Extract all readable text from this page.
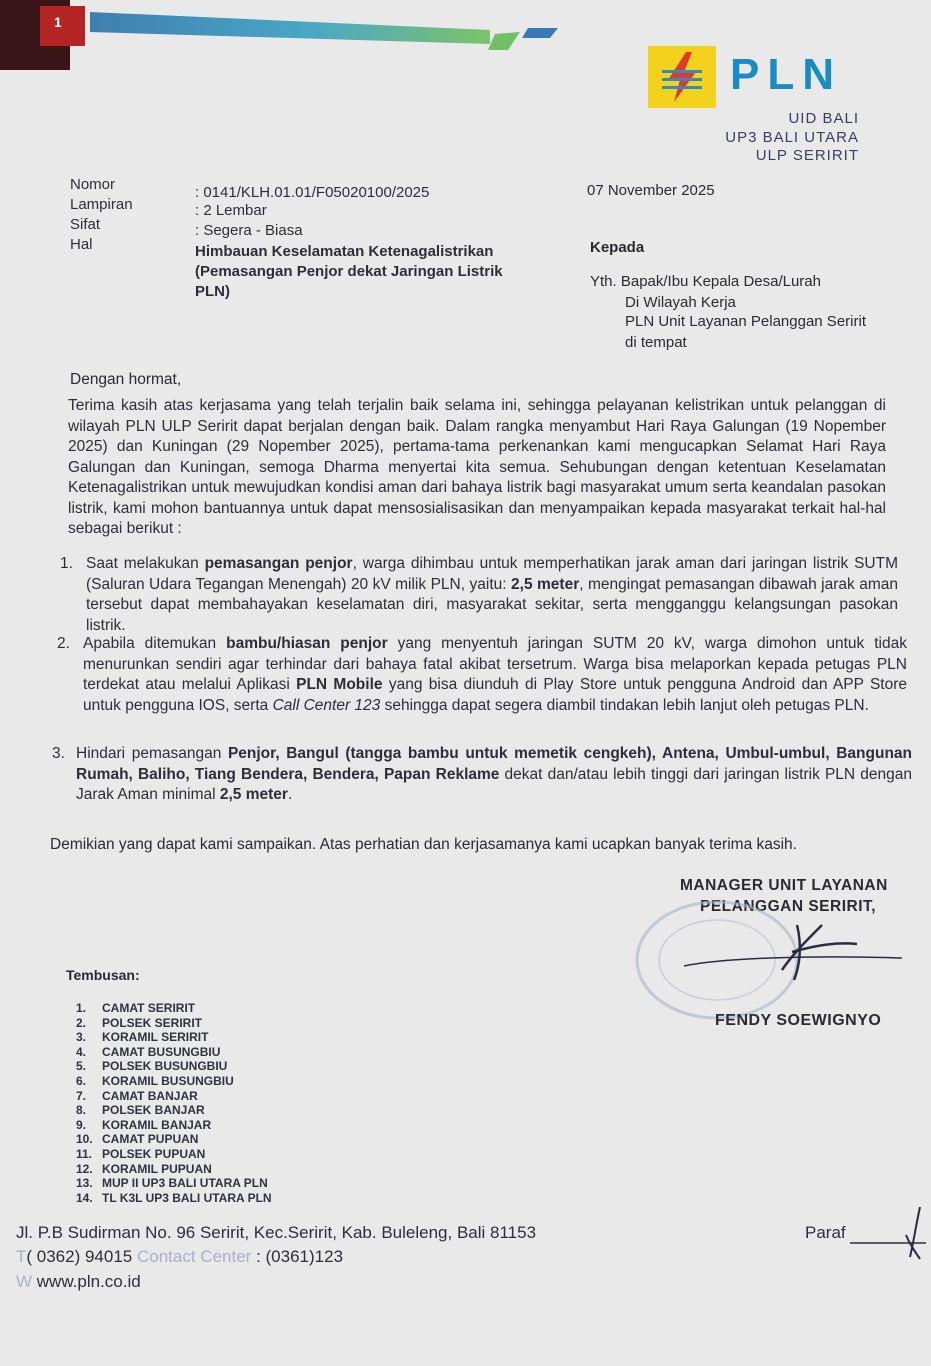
1
PLN
UID BALI
UP3 BALI UTARA
ULP SERIRIT
Nomor	: 0141/KLH.01.01/F05020100/2025
Lampiran	: 2 Lembar
Sifat	: Segera - Biasa
Hal	Himbauan Keselamatan Ketenagalistrikan
(Pemasangan Penjor dekat Jaringan Listrik
PLN)
07 November 2025
Kepada
Yth. Bapak/Ibu Kepala Desa/Lurah
Di Wilayah Kerja
PLN Unit Layanan Pelanggan Seririt
di tempat
Dengan hormat,
Terima kasih atas kerjasama yang telah terjalin baik selama ini, sehingga pelayanan kelistrikan untuk pelanggan di wilayah PLN ULP Seririt dapat berjalan dengan baik. Dalam rangka menyambut Hari Raya Galungan (19 Nopember 2025) dan Kuningan (29 Nopember 2025), pertama-tama perkenankan kami mengucapkan Selamat Hari Raya Galungan dan Kuningan, semoga Dharma menyertai kita semua. Sehubungan dengan ketentuan Keselamatan Ketenagalistrikan untuk mewujudkan kondisi aman dari bahaya listrik bagi masyarakat umum serta keandalan pasokan listrik, kami mohon bantuannya untuk dapat mensosialisasikan dan menyampaikan kepada masyarakat terkait hal-hal sebagai berikut :
1. Saat melakukan pemasangan penjor, warga dihimbau untuk memperhatikan jarak aman dari jaringan listrik SUTM (Saluran Udara Tegangan Menengah) 20 kV milik PLN, yaitu: 2,5 meter, mengingat pemasangan dibawah jarak aman tersebut dapat membahayakan keselamatan diri, masyarakat sekitar, serta mengganggu kelangsungan pasokan listrik.
2. Apabila ditemukan bambu/hiasan penjor yang menyentuh jaringan SUTM 20 kV, warga dimohon untuk tidak menurunkan sendiri agar terhindar dari bahaya fatal akibat tersetrum. Warga bisa melaporkan kepada petugas PLN terdekat atau melalui Aplikasi PLN Mobile yang bisa diunduh di Play Store untuk pengguna Android dan APP Store untuk pengguna IOS, serta Call Center 123 sehingga dapat segera diambil tindakan lebih lanjut oleh petugas PLN.
3. Hindari pemasangan Penjor, Bangul (tangga bambu untuk memetik cengkeh), Antena, Umbul-umbul, Bangunan Rumah, Baliho, Tiang Bendera, Bendera, Papan Reklame dekat dan/atau lebih tinggi dari jaringan listrik PLN dengan Jarak Aman minimal 2,5 meter.
Demikian yang dapat kami sampaikan. Atas perhatian dan kerjasamanya kami ucapkan banyak terima kasih.
MANAGER UNIT LAYANAN
PELANGGAN SERIRIT,
FENDY SOEWIGNYO
Tembusan:
1. CAMAT SERIRIT
2. POLSEK SERIRIT
3. KORAMIL SERIRIT
4. CAMAT BUSUNGBIU
5. POLSEK BUSUNGBIU
6. KORAMIL BUSUNGBIU
7. CAMAT BANJAR
8. POLSEK BANJAR
9. KORAMIL BANJAR
10. CAMAT PUPUAN
11. POLSEK PUPUAN
12. KORAMIL PUPUAN
13. MUP II UP3 BALI UTARA PLN
14. TL K3L UP3 BALI UTARA PLN
Jl. P.B Sudirman No. 96 Seririt, Kec.Seririt, Kab. Buleleng, Bali 81153
T( 0362) 94015 Contact Center : (0361)123
W www.pln.co.id
Paraf
